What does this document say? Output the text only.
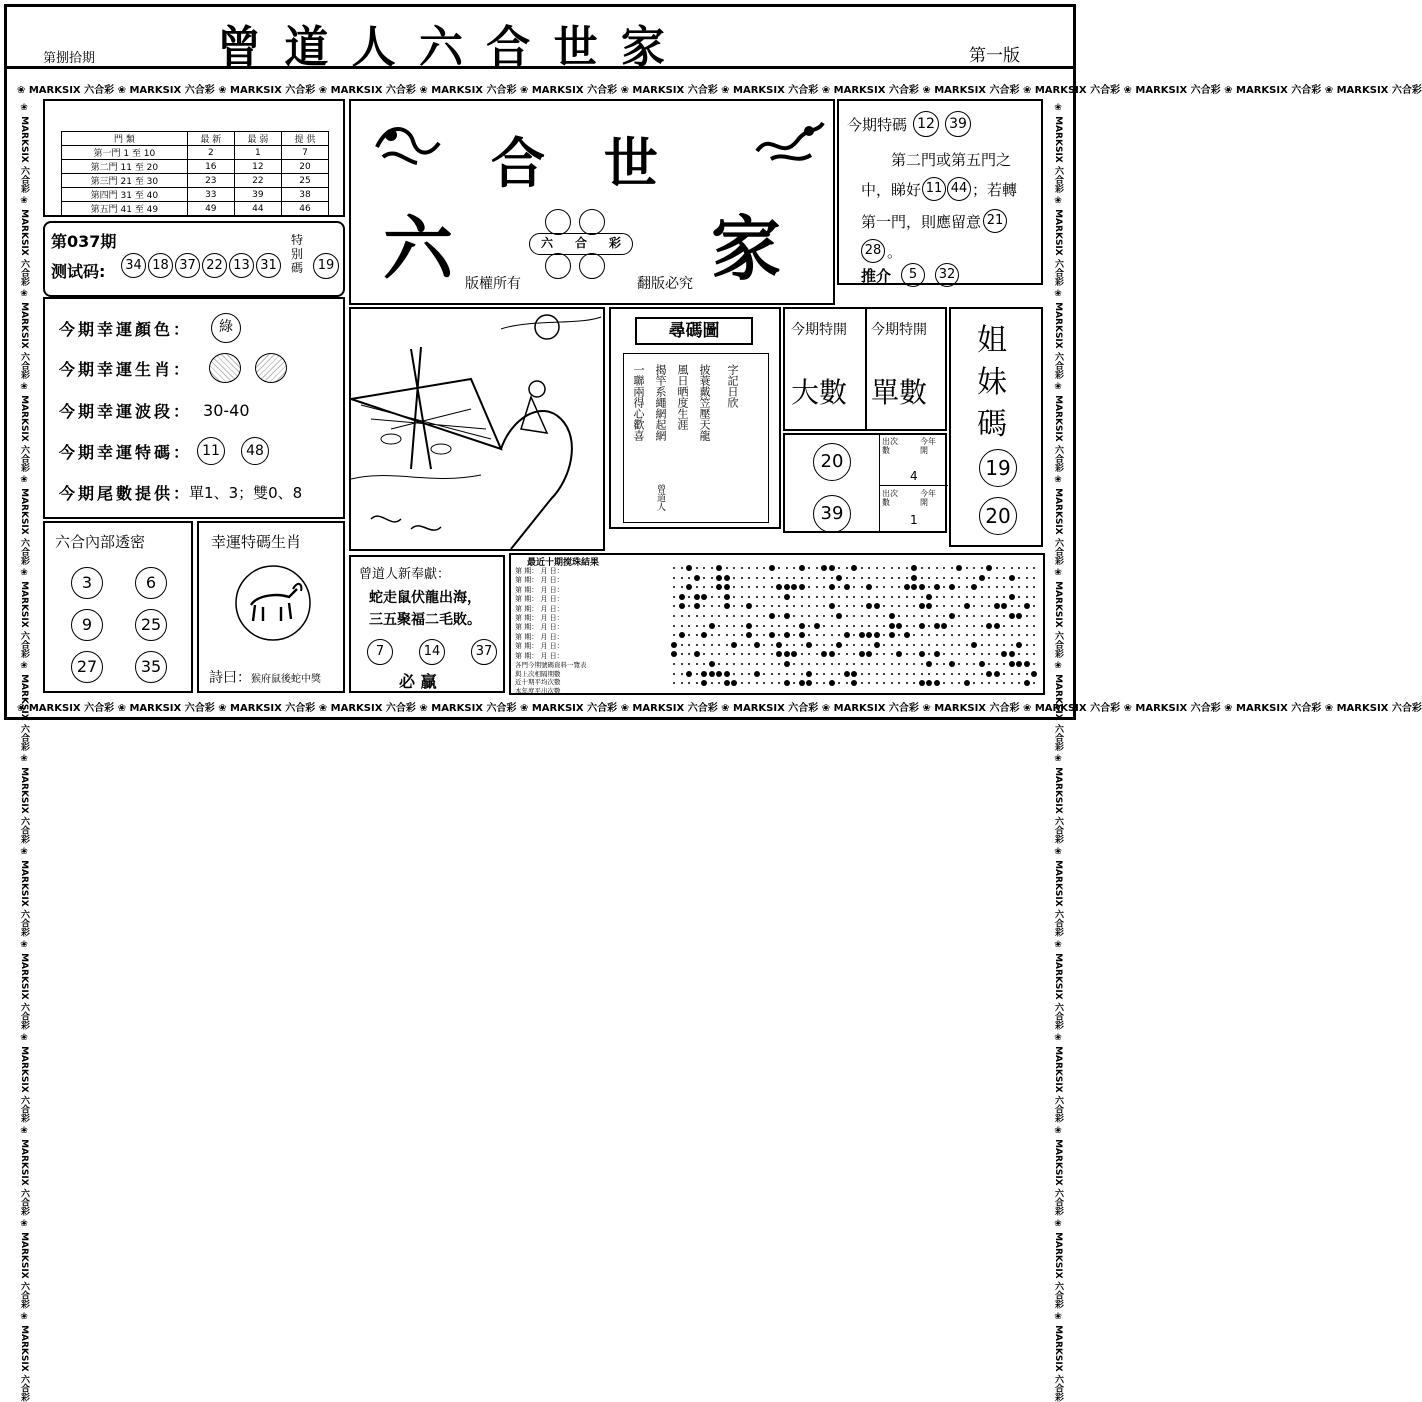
第捌拾期	曾 道 人 六 合 世 家	第一版
❀ MARKSIX 六合彩 ❀ MARKSIX 六合彩 ❀ MARKSIX 六合彩 ❀ MARKSIX 六合彩 ❀ MARKSIX 六合彩 ❀ MARKSIX 六合彩 ❀ MARKSIX 六合彩 ❀ MARKSIX 六合彩 ❀ MARKSIX 六合彩 ❀ MARKSIX 六合彩 ❀ MARKSIX 六合彩 ❀ MARKSIX 六合彩 ❀ MARKSIX 六合彩 ❀ MARKSIX 六合彩
❀ MARKSIX 六合彩 ❀ MARKSIX 六合彩 ❀ MARKSIX 六合彩 ❀ MARKSIX 六合彩 ❀ MARKSIX 六合彩 ❀ MARKSIX 六合彩 ❀ MARKSIX 六合彩 ❀ MARKSIX 六合彩 ❀ MARKSIX 六合彩 ❀ MARKSIX 六合彩 ❀ MARKSIX 六合彩 ❀ MARKSIX 六合彩 ❀ MARKSIX 六合彩 ❀ MARKSIX 六合彩
❀ MARKSIX 六合彩 ❀ MARKSIX 六合彩 ❀ MARKSIX 六合彩 ❀ MARKSIX 六合彩 ❀ MARKSIX 六合彩 ❀ MARKSIX 六合彩 ❀ MARKSIX 六合彩 ❀ MARKSIX 六合彩 ❀ MARKSIX 六合彩 ❀ MARKSIX 六合彩 ❀ MARKSIX 六合彩 ❀ MARKSIX 六合彩 ❀ MARKSIX 六合彩 ❀ MARKSIX 六合彩	❀ MARKSIX 六合彩 ❀ MARKSIX 六合彩 ❀ MARKSIX 六合彩 ❀ MARKSIX 六合彩 ❀ MARKSIX 六合彩 ❀ MARKSIX 六合彩 ❀ MARKSIX 六合彩 ❀ MARKSIX 六合彩 ❀ MARKSIX 六合彩 ❀ MARKSIX 六合彩 ❀ MARKSIX 六合彩 ❀ MARKSIX 六合彩 ❀ MARKSIX 六合彩 ❀ MARKSIX 六合彩
門 類	最 新	最 弱	提 供
第一門 1 至 10	2	1	7
第二門 11 至 20	16	12	20
第三門 21 至 30	23	22	25
第四門 31 至 40	33	39	38
第五門 41 至 49	49	44	46
第037期
测试码:	34 18 37 22 13 31
特别碼	19
合 世
六	家
六 合 彩
版權所有	翻版必究
今期特碼 12 39
第二門或第五門之
中，睇好 11 44 ；若轉
第一門，則應留意 21
28 。
推介	5	32
今期幸運顏色 ：	綠
今期幸運生肖 ：
今期幸運波段 ： 30-40
今期幸運特碼 ： 11	48
今期尾數提供 ： 單1、3；雙0、8
尋碼圖
一聯兩得心歡喜 揭竿系繩網起網 風日晒度生涯 披蓑戴笠壓天龍 字記日欣
曾道人
今期特開 今期特開
大數 單數
20
39
出次數
今年開
4
出次數
今年開
1
姐
妹
碼
19
20
六合內部透密
3	6
9	25
27	35
幸運特碼生肖
詩曰： 猴府鼠後蛇中獎
曾道人新奉獻：
蛇走鼠伏龍出海，
三五聚福二毛敗。
7	14	37
必 贏
最近十期搅珠結果
第 期： 月 日：
第 期： 月 日：
第 期： 月 日：
第 期： 月 日：
第 期： 月 日：
第 期： 月 日：
第 期： 月 日：
第 期： 月 日：
第 期： 月 日：
第 期： 月 日：
各門今期號碼資料一覽表
與上次相隔期數
近十期平均次數
本年度平出次數
